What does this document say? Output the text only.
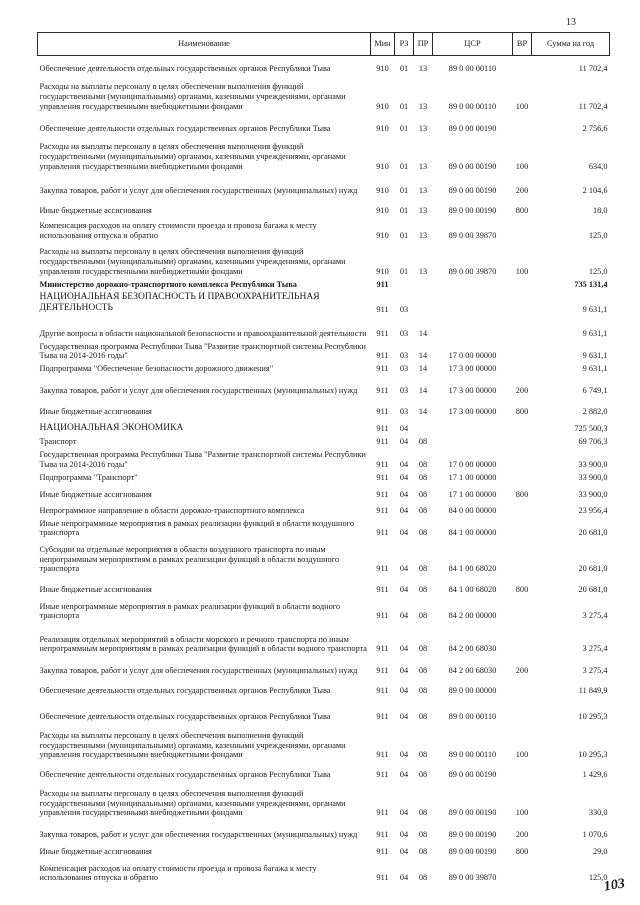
13
Наименование	Мин	РЗ	ПР	ЦСР	ВР	Сумма на год
Обеспечение деятельности отдельных государственных органов Республики Тыва	910	01	13	89 0 00 00110		11 702,4
Расходы на выплаты персоналу в целях обеспечения выполнения функций государственными (муниципальными) органами, казенными учреждениями, органами управления государственными внебюджетными фондами	910	01	13	89 0 00 00110	100	11 702,4
Обеспечение деятельности отдельных государственных органов Республики Тыва	910	01	13	89 0 00 00190		2 756,6
Расходы на выплаты персоналу в целях обеспечения выполнения функций государственными (муниципальными) органами, казенными учреждениями, органами управления государственными внебюджетными фондами	910	01	13	89 0 00 00190	100	634,0
Закупка товаров, работ и услуг для обеспечения государственных (муниципальных) нужд	910	01	13	89 0 00 00190	200	2 104,6
Иные бюджетные ассигнования	910	01	13	89 0 00 00190	800	18,0
Компенсация расходов на оплату стоимости проезда и провоза багажа к месту использования отпуска и обратно	910	01	13	89 0 00 39870		125,0
Расходы на выплаты персоналу в целях обеспечения выполнения функций государственными (муниципальными) органами, казенными учреждениями, органами управления государственными внебюджетными фондами	910	01	13	89 0 00 39870	100	125,0
Министерство дорожно-транспортного комплекса Республики Тыва	911					735 131,4
НАЦИОНАЛЬНАЯ БЕЗОПАСНОСТЬ И ПРАВООХРАНИТЕЛЬНАЯ ДЕЯТЕЛЬНОСТЬ	911	03				9 631,1
Другие вопросы в области национальной безопасности и правоохранительной деятельности	911	03	14			9 631,1
Государственная программа Республики Тыва "Развитие транспортной системы Республики Тыва на 2014-2016 годы"	911	03	14	17 0 00 00000		9 631,1
Подпрограмма "Обеспечение безопасности дорожного движения"	911	03	14	17 3 00 00000		9 631,1
Закупка товаров, работ и услуг для обеспечения государственных (муниципальных) нужд	911	03	14	17 3 00 00000	200	6 749,1
Иные бюджетные ассигнования	911	03	14	17 3 00 00000	800	2 882,0
НАЦИОНАЛЬНАЯ ЭКОНОМИКА	911	04				725 500,3
Транспорт	911	04	08			69 706,3
Государственная программа Республики Тыва "Развитие транспортной системы Республики Тыва на 2014-2016 годы"	911	04	08	17 0 00 00000		33 900,0
Подпрограмма "Транспорт"	911	04	08	17 1 00 00000		33 900,0
Иные бюджетные ассигнования	911	04	08	17 1 00 00000	800	33 900,0
Непрограммное направление в области дорожно-транспортного комплекса	911	04	08	84 0 00 00000		23 956,4
Иные непрограммные мероприятия в рамках реализации функций в области воздушного транспорта	911	04	08	84 1 00 00000		20 681,0
Субсидии на отдельные мероприятия в области воздушного транспорта по иным непрограммным мероприятиям в рамках реализации функций в области воздушного транспорта	911	04	08	84 1 00 68020		20 681,0
Иные бюджетные ассигнования	911	04	08	84 1 00 68020	800	20 681,0
Иные непрограммные мероприятия в рамках реализации функций в области водного транспорта	911	04	08	84 2 00 00000		3 275,4
Реализация отдельных мероприятий в области морского и речного транспорта по иным непрограммным мероприятиям в рамках реализации функций в области водного транспорта	911	04	08	84 2 00 68030		3 275,4
Закупка товаров, работ и услуг для обеспечения государственных (муниципальных) нужд	911	04	08	84 2 00 68030	200	3 275,4
Обеспечение деятельности отдельных государственных органов Республики Тыва	911	04	08	89 0 00 00000		11 849,9
Обеспечение деятельности отдельных государственных органов Республики Тыва	911	04	08	89 0 00 00110		10 295,3
Расходы на выплаты персоналу в целях обеспечения выполнения функций государственными (муниципальными) органами, казенными учреждениями, органами управления государственными внебюджетными фондами	911	04	08	89 0 00 00110	100	10 295,3
Обеспечение деятельности отдельных государственных органов Республики Тыва	911	04	08	89 0 00 00190		1 429,6
Расходы на выплаты персоналу в целях обеспечения выполнения функций государственными (муниципальными) органами, казенными учреждениями, органами управления государственными внебюджетными фондами	911	04	08	89 0 00 00190	100	330,0
Закупка товаров, работ и услуг для обеспечения государственных (муниципальных) нужд	911	04	08	89 0 00 00190	200	1 070,6
Иные бюджетные ассигнования	911	04	08	89 0 00 00190	800	29,0
Компенсация расходов на оплату стоимости проезда и провоза багажа к месту использования отпуска и обратно	911	04	08	89 0 00 39870		125,0
103
